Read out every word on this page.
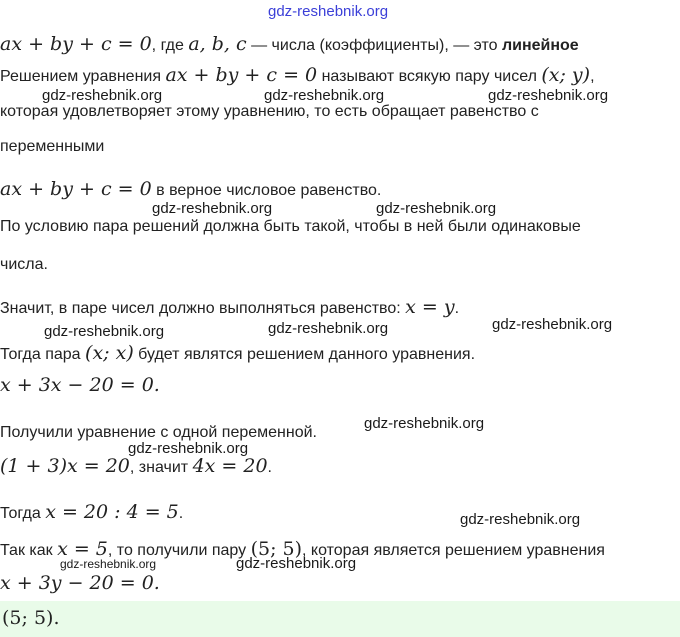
gdz-reshebnik.org
ax + by + c = 0, где a, b, c — числа (коэффициенты), — это линейное
Решением уравнения ax + by + c = 0 называют всякую пару чисел (x; y),
gdz-reshebnik.org	gdz-reshebnik.org	gdz-reshebnik.org
которая удовлетворяет этому уравнению, то есть обращает равенство с
переменными
ax + by + c = 0 в верное числовое равенство.
gdz-reshebnik.org	gdz-reshebnik.org
По условию пара решений должна быть такой, чтобы в ней были одинаковые
числа.
Значит, в паре чисел должно выполняться равенство: x = y.
gdz-reshebnik.org	gdz-reshebnik.org	gdz-reshebnik.org
Тогда пара (x; x) будет являтся решением данного уравнения.
x + 3x − 20 = 0.
gdz-reshebnik.org
Получили уравнение с одной переменной.
gdz-reshebnik.org
(1 + 3)x = 20, значит 4x = 20.
Тогда x = 20 : 4 = 5.	gdz-reshebnik.org
Так как x = 5, то получили пару (5; 5), которая является решением уравнения
gdz-reshebnik.org	gdz-reshebnik.org
x + 3y − 20 = 0.
(5; 5).
